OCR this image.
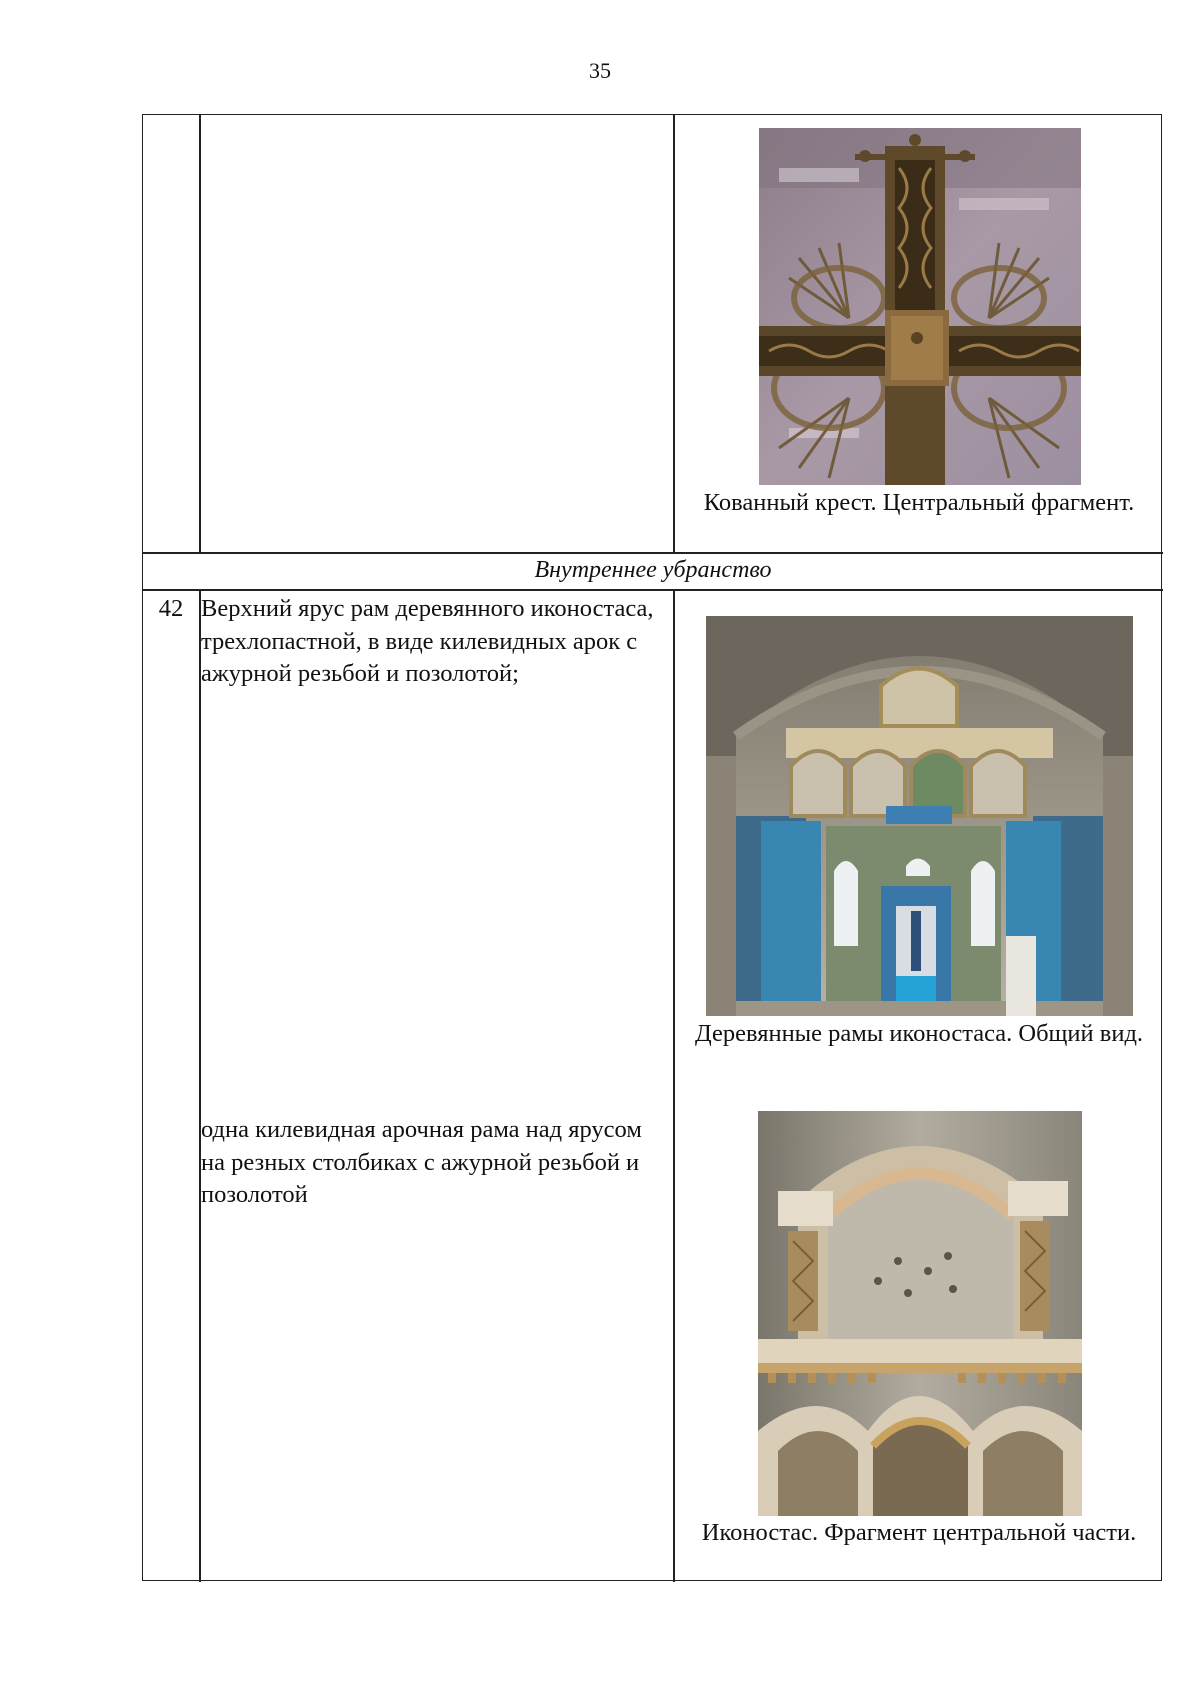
35
Кованный крест. Центральный фрагмент.
Внутреннее убранство
42 Верхний ярус рам деревянного иконостаса, трехлопастной, в виде килевидных арок с ажурной резьбой и позолотой;
одна килевидная арочная рама над ярусом на резных столбиках с ажурной резьбой и позолотой
Деревянные рамы иконостаса. Общий вид.
Иконостас. Фрагмент центральной части.
